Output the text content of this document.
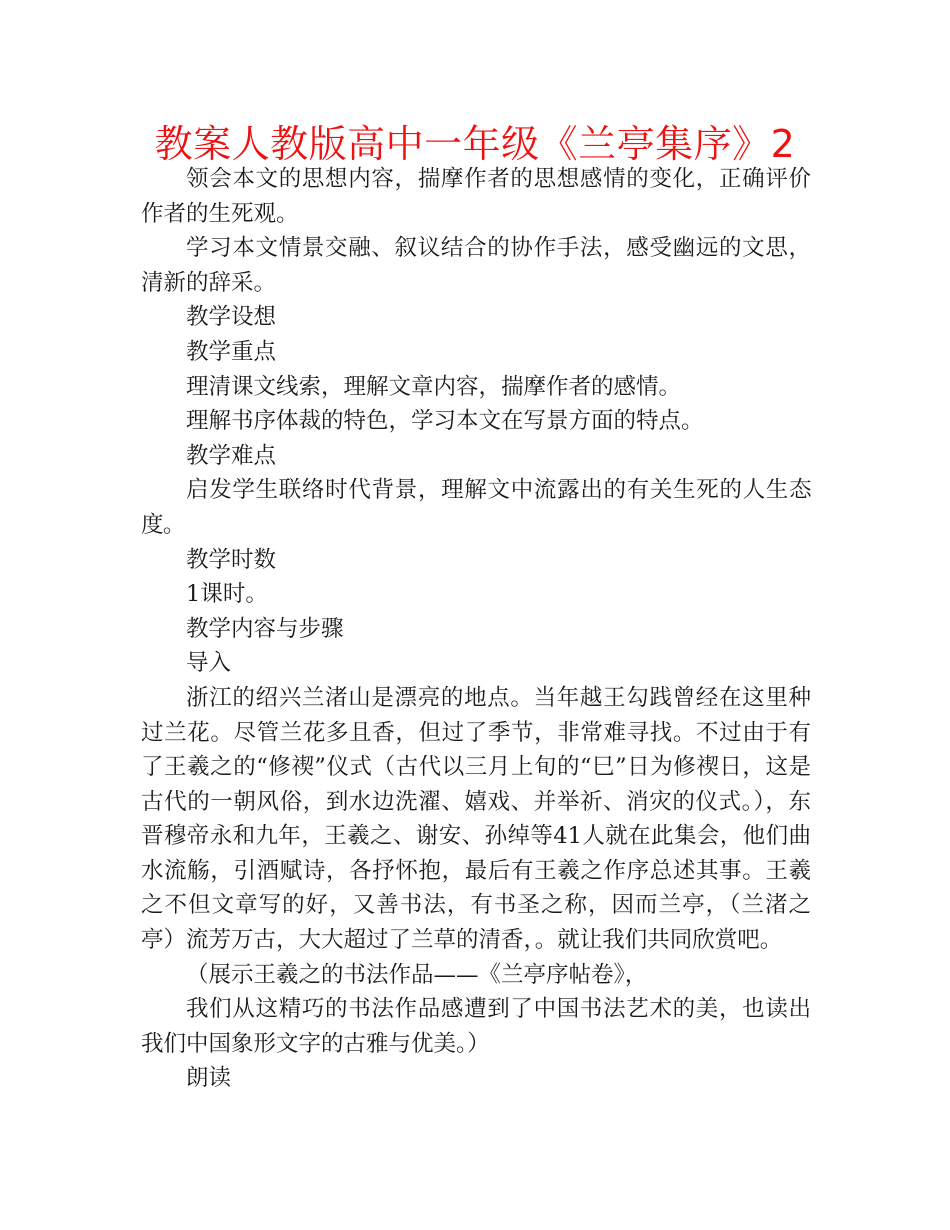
教案人教版高中一年级《兰亭集序》2

领会本文的思想内容，揣摩作者的思想感情的变化，正确评价作者的生死观。

学习本文情景交融、叙议结合的协作手法，感受幽远的文思，清新的辞采。

教学设想

教学重点

理清课文线索，理解文章内容，揣摩作者的感情。

理解书序体裁的特色，学习本文在写景方面的特点。

教学难点

启发学生联络时代背景，理解文中流露出的有关生死的人生态度。

教学时数

1课时。

教学内容与步骤

导入

浙江的绍兴兰渚山是漂亮的地点。当年越王勾践曾经在这里种过兰花。尽管兰花多且香，但过了季节，非常难寻找。不过由于有了王羲之的“修禊”仪式（古代以三月上旬的“巳”日为修禊日，这是古代的一朝风俗，到水边洗濯、嬉戏、并举祈、消灾的仪式。），东晋穆帝永和九年，王羲之、谢安、孙绰等41人就在此集会，他们曲水流觞，引酒赋诗，各抒怀抱，最后有王羲之作序总述其事。王羲之不但文章写的好，又善书法，有书圣之称，因而兰亭，（兰渚之亭）流芳万古，大大超过了兰草的清香，。就让我们共同欣赏吧。

（展示王羲之的书法作品——《兰亭序帖卷》，

我们从这精巧的书法作品感遭到了中国书法艺术的美，也读出我们中国象形文字的古雅与优美。）

朗读
